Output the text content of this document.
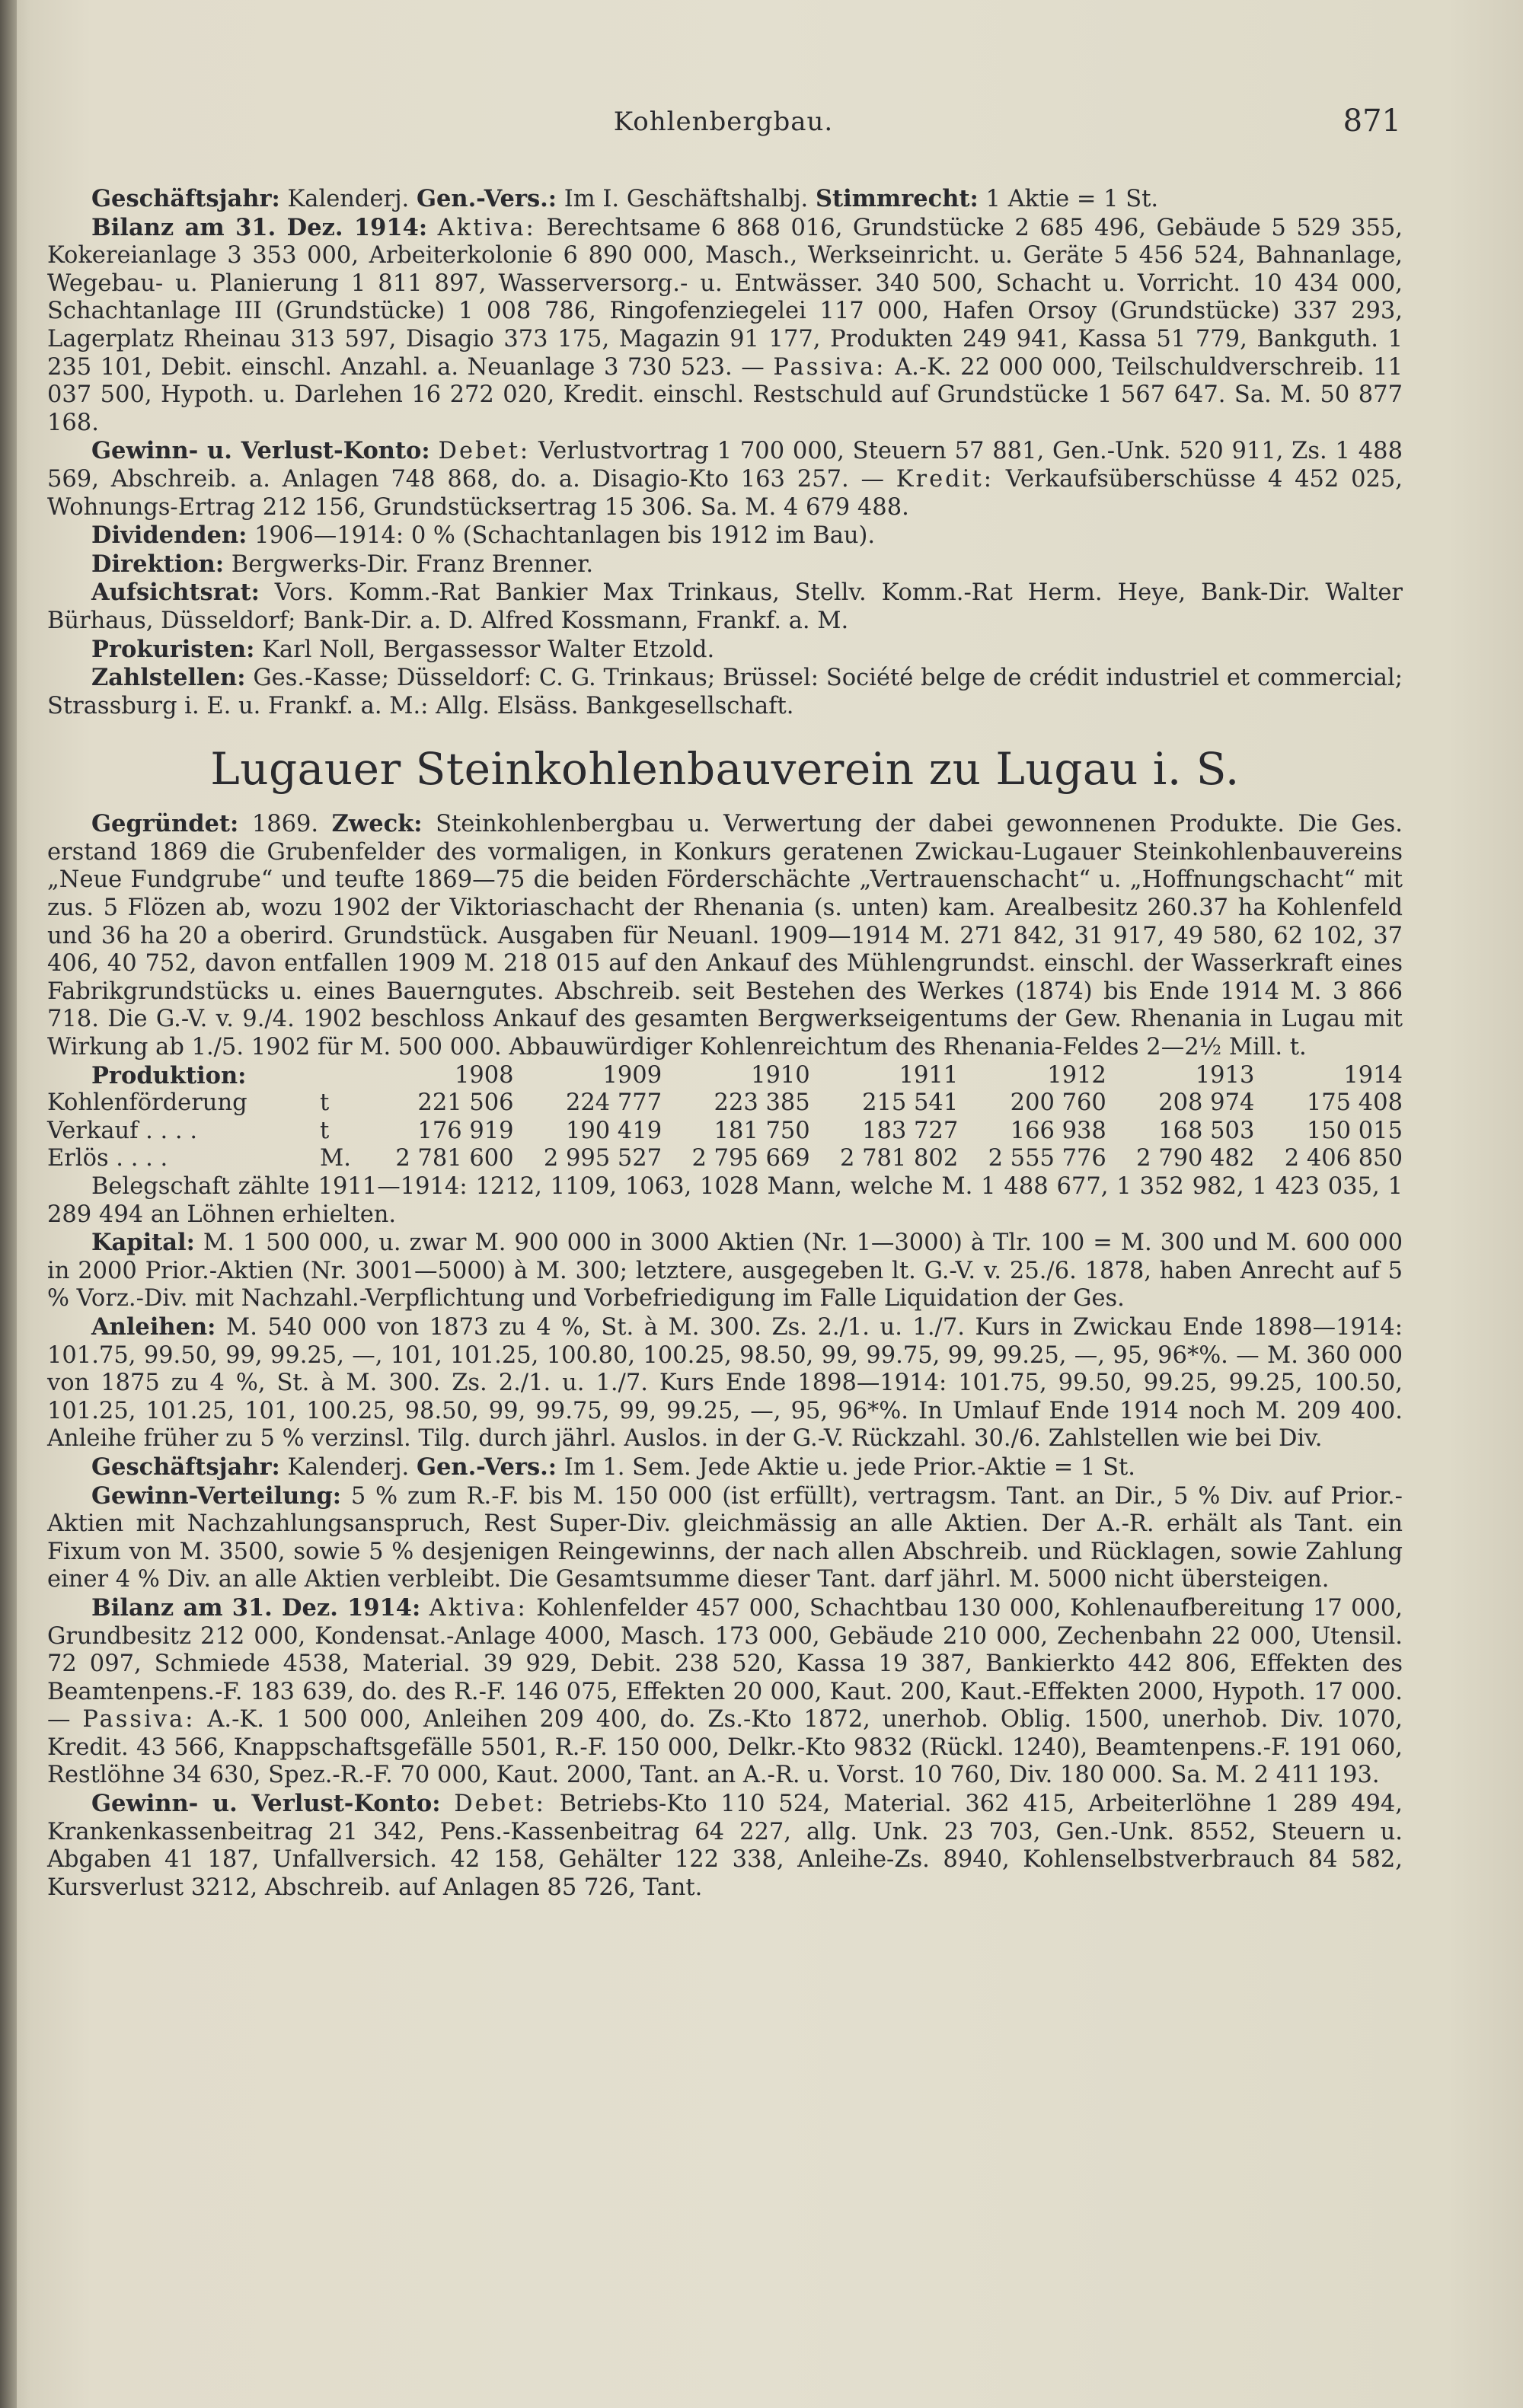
Kohlenbergbau.	871

Geschäftsjahr: Kalenderj. Gen.-Vers.: Im I. Geschäftshalbj. Stimmrecht: 1 Aktie = 1 St.

Bilanz am 31. Dez. 1914: Aktiva: Berechtsame 6 868 016, Grundstücke 2 685 496, Gebäude 5 529 355, Kokereianlage 3 353 000, Arbeiterkolonie 6 890 000, Masch., Werkseinricht. u. Geräte 5 456 524, Bahnanlage, Wegebau- u. Planierung 1 811 897, Wasserversorg.- u. Entwässer. 340 500, Schacht u. Vorricht. 10 434 000, Schachtanlage III (Grundstücke) 1 008 786, Ringofenziegelei 117 000, Hafen Orsoy (Grundstücke) 337 293, Lagerplatz Rheinau 313 597, Disagio 373 175, Magazin 91 177, Produkten 249 941, Kassa 51 779, Bankguth. 1 235 101, Debit. einschl. Anzahl. a. Neuanlage 3 730 523. — Passiva: A.-K. 22 000 000, Teilschuldverschreib. 11 037 500, Hypoth. u. Darlehen 16 272 020, Kredit. einschl. Restschuld auf Grundstücke 1 567 647. Sa. M. 50 877 168.

Gewinn- u. Verlust-Konto: Debet: Verlustvortrag 1 700 000, Steuern 57 881, Gen.-Unk. 520 911, Zs. 1 488 569, Abschreib. a. Anlagen 748 868, do. a. Disagio-Kto 163 257. — Kredit: Verkaufsüberschüsse 4 452 025, Wohnungs-Ertrag 212 156, Grundstücksertrag 15 306. Sa. M. 4 679 488.

Dividenden: 1906—1914: 0 % (Schachtanlagen bis 1912 im Bau).

Direktion: Bergwerks-Dir. Franz Brenner.

Aufsichtsrat: Vors. Komm.-Rat Bankier Max Trinkaus, Stellv. Komm.-Rat Herm. Heye, Bank-Dir. Walter Bürhaus, Düsseldorf; Bank-Dir. a. D. Alfred Kossmann, Frankf. a. M.

Prokuristen: Karl Noll, Bergassessor Walter Etzold.

Zahlstellen: Ges.-Kasse; Düsseldorf: C. G. Trinkaus; Brüssel: Société belge de crédit industriel et commercial; Strassburg i. E. u. Frankf. a. M.: Allg. Elsäss. Bankgesellschaft.

Lugauer Steinkohlenbauverein zu Lugau i. S.

Gegründet: 1869. Zweck: Steinkohlenbergbau u. Verwertung der dabei gewonnenen Produkte. Die Ges. erstand 1869 die Grubenfelder des vormaligen, in Konkurs geratenen Zwickau-Lugauer Steinkohlenbauvereins „Neue Fundgrube“ und teufte 1869—75 die beiden Förderschächte „Vertrauenschacht“ u. „Hoffnungschacht“ mit zus. 5 Flözen ab, wozu 1902 der Viktoriaschacht der Rhenania (s. unten) kam. Arealbesitz 260.37 ha Kohlenfeld und 36 ha 20 a oberird. Grundstück. Ausgaben für Neuanl. 1909—1914 M. 271 842, 31 917, 49 580, 62 102, 37 406, 40 752, davon entfallen 1909 M. 218 015 auf den Ankauf des Mühlengrundst. einschl. der Wasserkraft eines Fabrikgrundstücks u. eines Bauerngutes. Abschreib. seit Bestehen des Werkes (1874) bis Ende 1914 M. 3 866 718. Die G.-V. v. 9./4. 1902 beschloss Ankauf des gesamten Bergwerkseigentums der Gew. Rhenania in Lugau mit Wirkung ab 1./5. 1902 für M. 500 000. Abbauwürdiger Kohlenreichtum des Rhenania-Feldes 2—2½ Mill. t.

Produktion:		1908	1909	1910	1911	1912	1913	1914
Kohlenförderung	t	221 506	224 777	223 385	215 541	200 760	208 974	175 408
Verkauf . . . .	t	176 919	190 419	181 750	183 727	166 938	168 503	150 015
Erlös . . . .	M.	2 781 600	2 995 527	2 795 669	2 781 802	2 555 776	2 790 482	2 406 850

Belegschaft zählte 1911—1914: 1212, 1109, 1063, 1028 Mann, welche M. 1 488 677, 1 352 982, 1 423 035, 1 289 494 an Löhnen erhielten.

Kapital: M. 1 500 000, u. zwar M. 900 000 in 3000 Aktien (Nr. 1—3000) à Tlr. 100 = M. 300 und M. 600 000 in 2000 Prior.-Aktien (Nr. 3001—5000) à M. 300; letztere, ausgegeben lt. G.-V. v. 25./6. 1878, haben Anrecht auf 5 % Vorz.-Div. mit Nachzahl.-Verpflichtung und Vorbefriedigung im Falle Liquidation der Ges.

Anleihen: M. 540 000 von 1873 zu 4 %, St. à M. 300. Zs. 2./1. u. 1./7. Kurs in Zwickau Ende 1898—1914: 101.75, 99.50, 99, 99.25, —, 101, 101.25, 100.80, 100.25, 98.50, 99, 99.75, 99, 99.25, —, 95, 96*%. — M. 360 000 von 1875 zu 4 %, St. à M. 300. Zs. 2./1. u. 1./7. Kurs Ende 1898—1914: 101.75, 99.50, 99.25, 99.25, 100.50, 101.25, 101.25, 101, 100.25, 98.50, 99, 99.75, 99, 99.25, —, 95, 96*%. In Umlauf Ende 1914 noch M. 209 400. Anleihe früher zu 5 % verzinsl. Tilg. durch jährl. Auslos. in der G.-V. Rückzahl. 30./6. Zahlstellen wie bei Div.

Geschäftsjahr: Kalenderj. Gen.-Vers.: Im 1. Sem. Jede Aktie u. jede Prior.-Aktie = 1 St.

Gewinn-Verteilung: 5 % zum R.-F. bis M. 150 000 (ist erfüllt), vertragsm. Tant. an Dir., 5 % Div. auf Prior.-Aktien mit Nachzahlungsanspruch, Rest Super-Div. gleichmässig an alle Aktien. Der A.-R. erhält als Tant. ein Fixum von M. 3500, sowie 5 % desjenigen Reingewinns, der nach allen Abschreib. und Rücklagen, sowie Zahlung einer 4 % Div. an alle Aktien verbleibt. Die Gesamtsumme dieser Tant. darf jährl. M. 5000 nicht übersteigen.

Bilanz am 31. Dez. 1914: Aktiva: Kohlenfelder 457 000, Schachtbau 130 000, Kohlenaufbereitung 17 000, Grundbesitz 212 000, Kondensat.-Anlage 4000, Masch. 173 000, Gebäude 210 000, Zechenbahn 22 000, Utensil. 72 097, Schmiede 4538, Material. 39 929, Debit. 238 520, Kassa 19 387, Bankierkto 442 806, Effekten des Beamtenpens.-F. 183 639, do. des R.-F. 146 075, Effekten 20 000, Kaut. 200, Kaut.-Effekten 2000, Hypoth. 17 000. — Passiva: A.-K. 1 500 000, Anleihen 209 400, do. Zs.-Kto 1872, unerhob. Oblig. 1500, unerhob. Div. 1070, Kredit. 43 566, Knappschaftsgefälle 5501, R.-F. 150 000, Delkr.-Kto 9832 (Rückl. 1240), Beamtenpens.-F. 191 060, Restlöhne 34 630, Spez.-R.-F. 70 000, Kaut. 2000, Tant. an A.-R. u. Vorst. 10 760, Div. 180 000. Sa. M. 2 411 193.

Gewinn- u. Verlust-Konto: Debet: Betriebs-Kto 110 524, Material. 362 415, Arbeiterlöhne 1 289 494, Krankenkassenbeitrag 21 342, Pens.-Kassenbeitrag 64 227, allg. Unk. 23 703, Gen.-Unk. 8552, Steuern u. Abgaben 41 187, Unfallversich. 42 158, Gehälter 122 338, Anleihe-Zs. 8940, Kohlenselbstverbrauch 84 582, Kursverlust 3212, Abschreib. auf Anlagen 85 726, Tant.
